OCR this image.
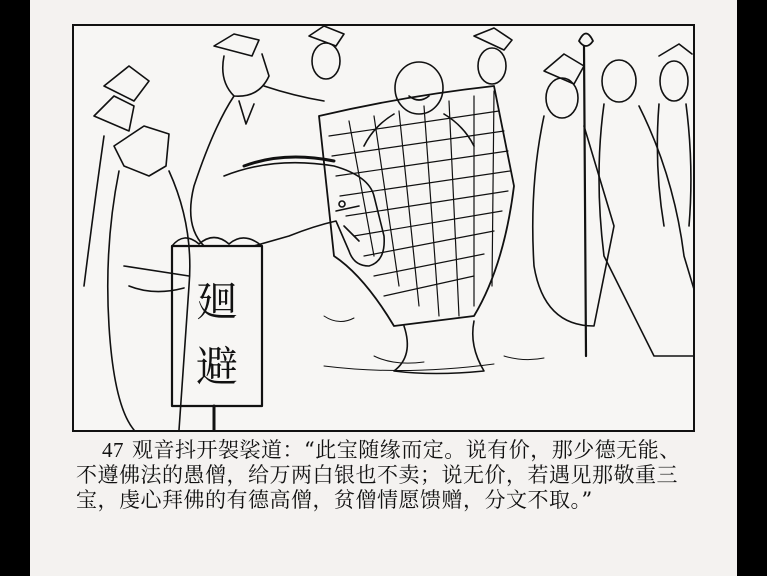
廻
避
47 观音抖开袈裟道：“此宝随缘而定。说有价，那少德无能、不遵佛法的愚僧，给万两白银也不卖；说无价，若遇见那敬重三宝，虔心拜佛的有德高僧，贫僧情愿馈赠，分文不取。”
